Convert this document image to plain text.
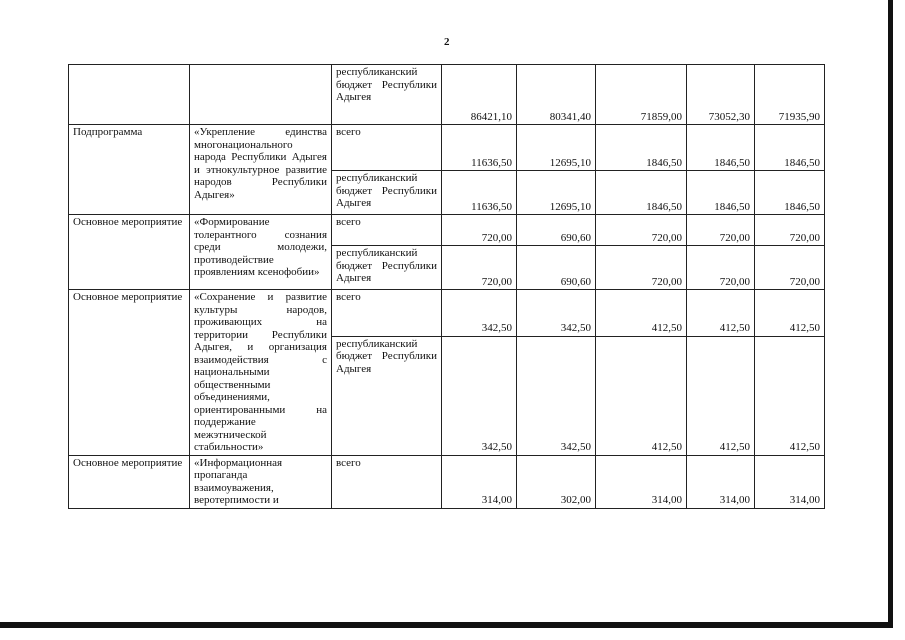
2
		республиканский бюджет Республики Адыгея	86421,10	80341,40	71859,00	73052,30	71935,90
Подпрограмма	«Укрепление единства многонационального народа Республики Адыгея и этнокультурное развитие народов Республики Адыгея»	всего	11636,50	12695,10	1846,50	1846,50	1846,50
		республиканский бюджет Республики Адыгея	11636,50	12695,10	1846,50	1846,50	1846,50
Основное мероприятие	«Формирование толерантного сознания среди молодежи, противодействие проявлениям ксенофобии»	всего	720,00	690,60	720,00	720,00	720,00
		республиканский бюджет Республики Адыгея	720,00	690,60	720,00	720,00	720,00
Основное мероприятие	«Сохранение и развитие культуры народов, проживающих на территории Республики Адыгея, и организация взаимодействия с национальными общественными объединениями, ориентированными на поддержание межэтнической стабильности»	всего	342,50	342,50	412,50	412,50	412,50
		республиканский бюджет Республики Адыгея	342,50	342,50	412,50	412,50	412,50
Основное мероприятие	«Информационная пропаганда взаимоуважения, веротерпимости и	всего	314,00	302,00	314,00	314,00	314,00
